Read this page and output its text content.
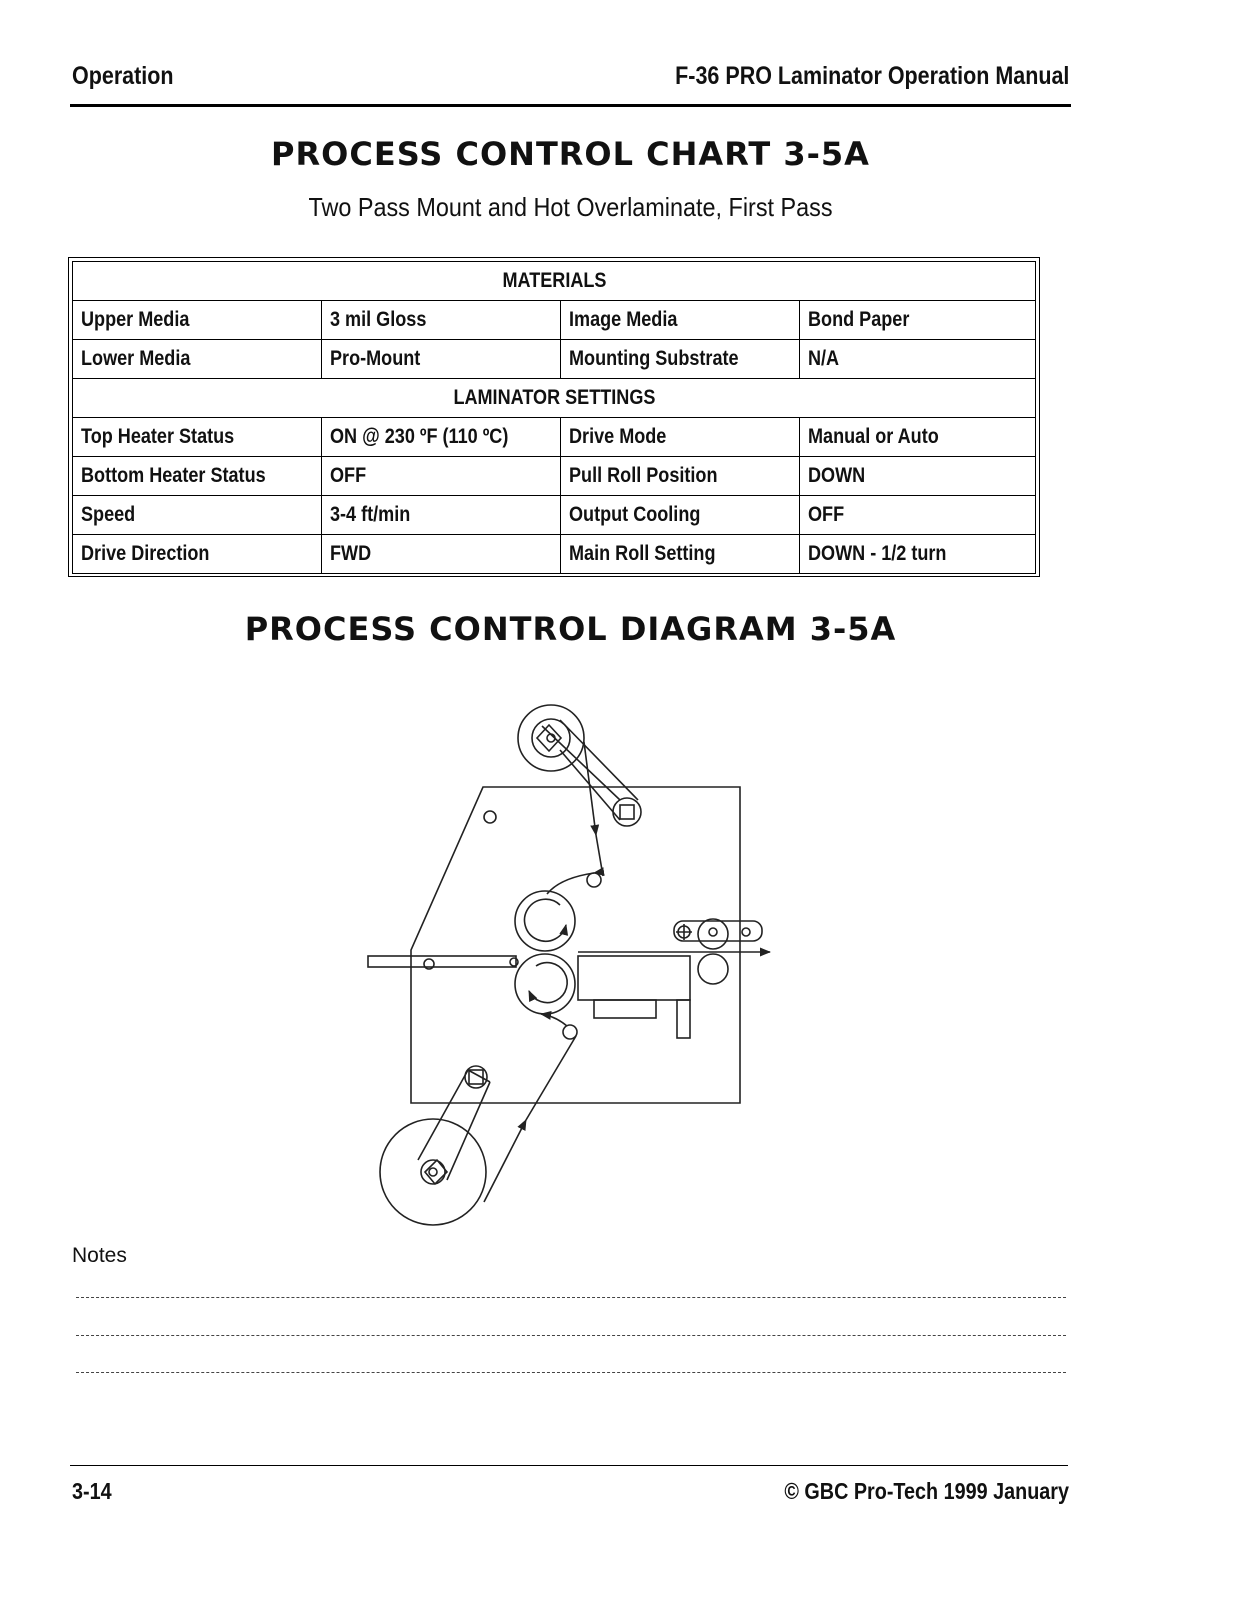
Operation	F-36 PRO Laminator Operation Manual
PROCESS CONTROL CHART 3-5A
Two Pass Mount and Hot Overlaminate, First Pass
MATERIALS			
Upper Media	3 mil Gloss	Image Media	Bond Paper
Lower Media	Pro-Mount	Mounting Substrate	N/A
LAMINATOR SETTINGS			
Top Heater Status	ON @ 230 ºF (110 ºC)	Drive Mode	Manual or Auto
Bottom Heater Status	OFF	Pull Roll Position	DOWN
Speed	3-4 ft/min	Output Cooling	OFF
Drive Direction	FWD	Main Roll Setting	DOWN - 1/2 turn
PROCESS CONTROL DIAGRAM 3-5A
Notes
3-14	© GBC Pro-Tech 1999 January
